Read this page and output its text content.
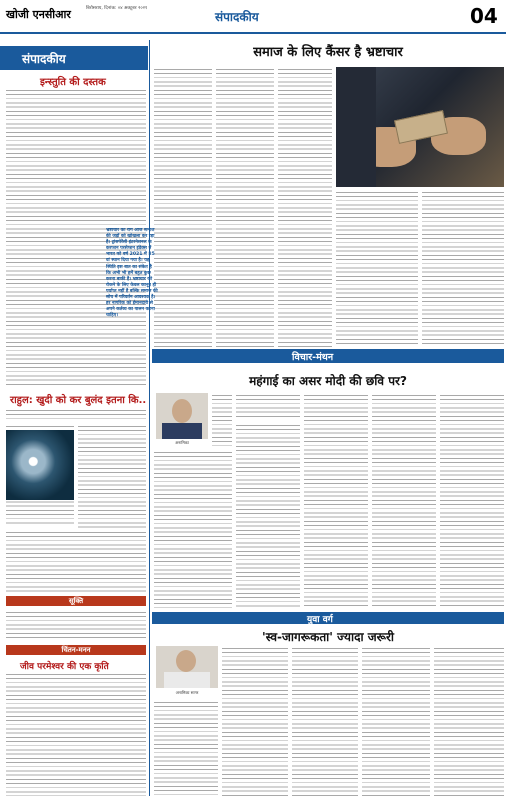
खोजी एनसीआर	बिरोसराय, दिनांक: ०४ अक्टूबर २०२१
संपादकीय	04
संपादकीय
इन्स्तुति की दस्तक
राहुल: खुदी को कर बुलंद इतना कि..
सूक्ति
चिंतन-मनन
जीव परमेश्वर की एक कृति
समाज के लिए कैंसर है भ्रष्टाचार
भ्रष्टाचार का रोग आज समाज की जड़ों को खोखला कर रहा है। ट्रांसपेरेंसी इंटरनेशनल के करप्शन परसेप्शन इंडेक्स में भारत को वर्ष 2021 में 85 वां स्थान दिया गया है। यह स्थिति इस बात का संकेत है कि अभी भी हमें बहुत कुछ करना बाकी है। भ्रष्टाचार को रोकने के लिए केवल कानून ही पर्याप्त नहीं है बल्कि समाज की सोच में परिवर्तन आवश्यक है। हर नागरिक को ईमानदारी से अपने कर्तव्य का पालन करना चाहिए।
विचार-मंथन
महंगाई का असर मोदी की छवि पर?
अनामिका
युवा वर्ग
'स्व-जागरूकता' ज्यादा जरूरी
अनामिका सागर
